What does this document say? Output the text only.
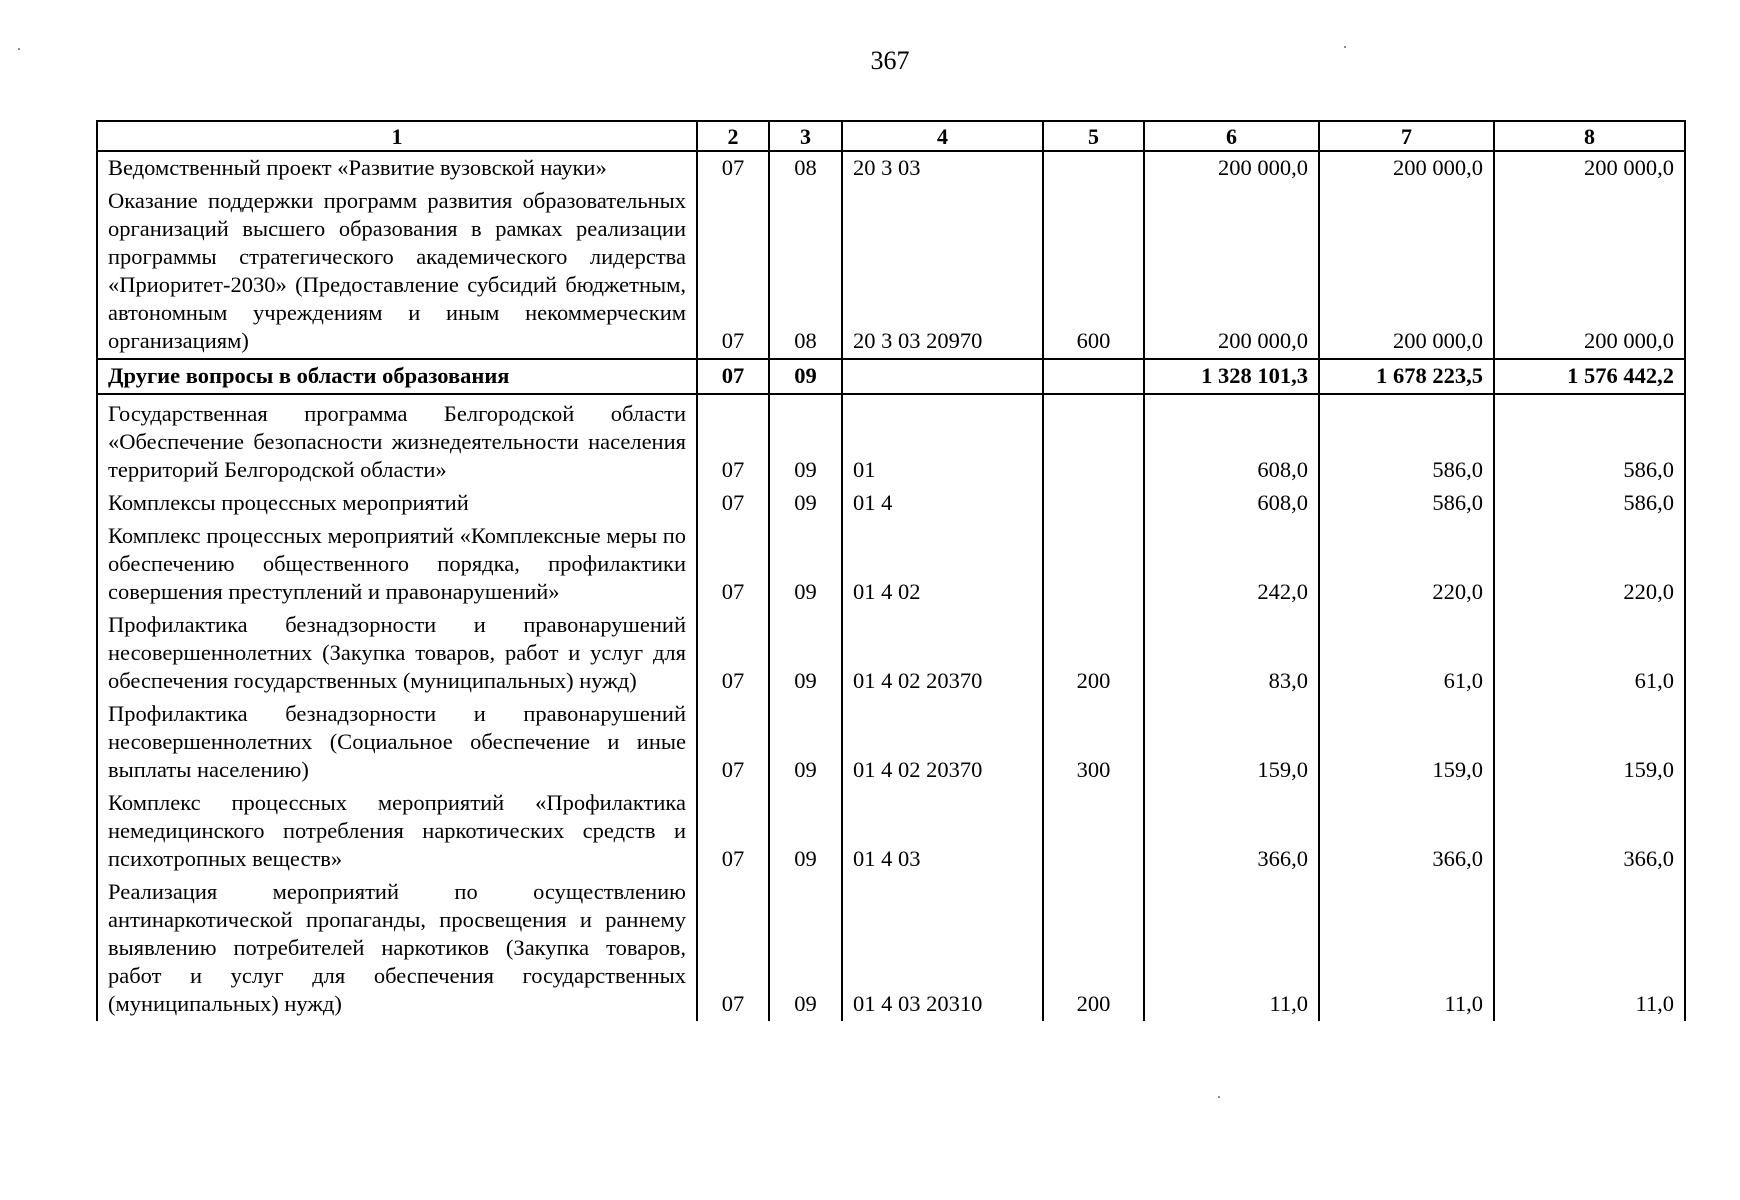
367
1	2	3	4	5	6	7	8
Ведомственный проект «Развитие вузовской науки»	07	08	20 3 03		200 000,0	200 000,0	200 000,0
Оказание поддержки программ развития образовательных организаций высшего образования в рамках реализации программы стратегического академического лидерства «Приоритет-2030» (Предоставление субсидий бюджетным, автономным учреждениям и иным некоммерческим организациям)	07	08	20 3 03 20970	600	200 000,0	200 000,0	200 000,0
Другие вопросы в области образования	07	09			1 328 101,3	1 678 223,5	1 576 442,2
Государственная программа Белгородской области «Обеспечение безопасности жизнедеятельности населения территорий Белгородской области»	07	09	01		608,0	586,0	586,0
Комплексы процессных мероприятий	07	09	01 4		608,0	586,0	586,0
Комплекс процессных мероприятий «Комплексные меры по обеспечению общественного порядка, профилактики совершения преступлений и правонарушений»	07	09	01 4 02		242,0	220,0	220,0
Профилактика безнадзорности и правонарушений несовершеннолетних (Закупка товаров, работ и услуг для обеспечения государственных (муниципальных) нужд)	07	09	01 4 02 20370	200	83,0	61,0	61,0
Профилактика безнадзорности и правонарушений несовершеннолетних (Социальное обеспечение и иные выплаты населению)	07	09	01 4 02 20370	300	159,0	159,0	159,0
Комплекс процессных мероприятий «Профилактика немедицинского потребления наркотических средств и психотропных веществ»	07	09	01 4 03		366,0	366,0	366,0
Реализация мероприятий по осуществлению антинаркотической пропаганды, просвещения и раннему выявлению потребителей наркотиков (Закупка товаров, работ и услуг для обеспечения государственных (муниципальных) нужд)	07	09	01 4 03 20310	200	11,0	11,0	11,0
